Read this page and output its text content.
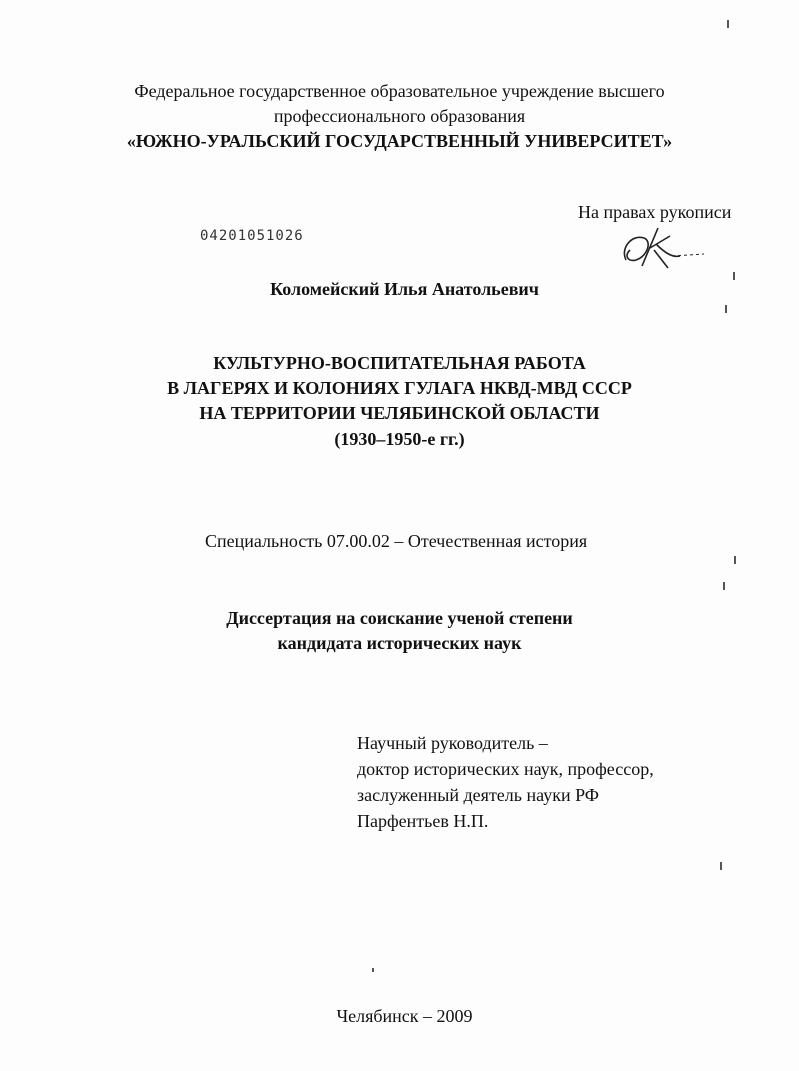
Федеральное государственное образовательное учреждение высшего
профессионального образования
«ЮЖНО-УРАЛЬСКИЙ ГОСУДАРСТВЕННЫЙ УНИВЕРСИТЕТ»
На правах рукописи
04201051026
Коломейский Илья Анатольевич
КУЛЬТУРНО-ВОСПИТАТЕЛЬНАЯ РАБОТА
В ЛАГЕРЯХ И КОЛОНИЯХ ГУЛАГА НКВД-МВД СССР
НА ТЕРРИТОРИИ ЧЕЛЯБИНСКОЙ ОБЛАСТИ
(1930–1950-е гг.)
Специальность 07.00.02 – Отечественная история
Диссертация на соискание ученой степени
кандидата исторических наук
Научный руководитель –
доктор исторических наук, профессор,
заслуженный деятель науки РФ
Парфентьев Н.П.
Челябинск – 2009
